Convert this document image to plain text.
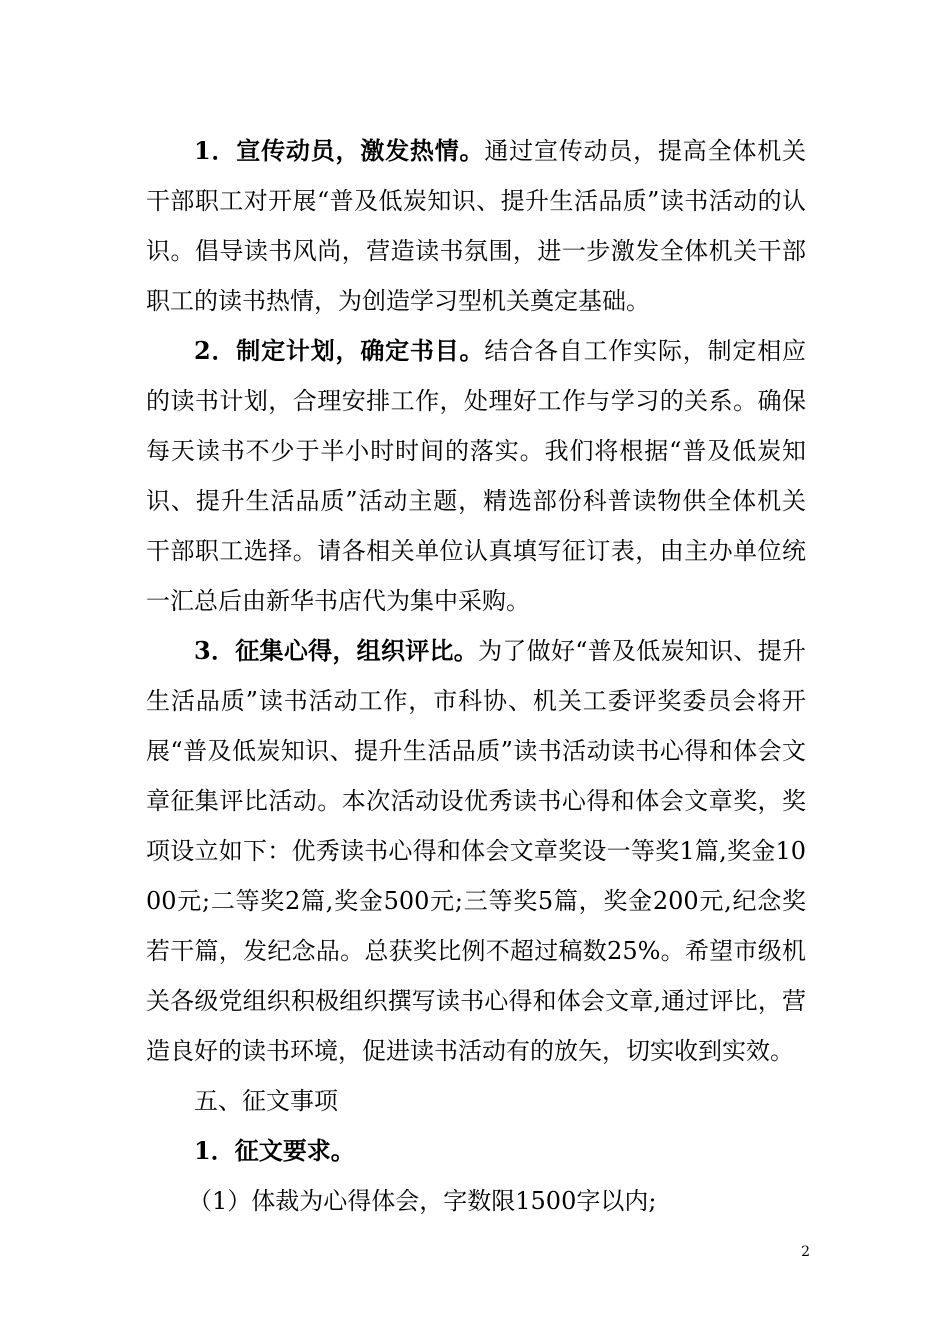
1．宣传动员，激发热情。通过宣传动员，提高全体机关干部职工对开展“普及低炭知识、提升生活品质”读书活动的认识。倡导读书风尚，营造读书氛围，进一步激发全体机关干部职工的读书热情，为创造学习型机关奠定基础。

2．制定计划，确定书目。结合各自工作实际，制定相应的读书计划，合理安排工作，处理好工作与学习的关系。确保每天读书不少于半小时时间的落实。我们将根据“普及低炭知识、提升生活品质”活动主题，精选部份科普读物供全体机关干部职工选择。请各相关单位认真填写征订表，由主办单位统一汇总后由新华书店代为集中采购。

3．征集心得，组织评比。为了做好“普及低炭知识、提升生活品质”读书活动工作，市科协、机关工委评奖委员会将开展“普及低炭知识、提升生活品质”读书活动读书心得和体会文章征集评比活动。本次活动设优秀读书心得和体会文章奖，奖项设立如下：优秀读书心得和体会文章奖设一等奖1篇,奖金1000元;二等奖2篇,奖金500元;三等奖5篇，奖金200元,纪念奖若干篇，发纪念品。总获奖比例不超过稿数25%。希望市级机关各级党组织积极组织撰写读书心得和体会文章,通过评比，营造良好的读书环境，促进读书活动有的放矢，切实收到实效。

五、征文事项

1．征文要求。

（1）体裁为心得体会，字数限1500字以内;

2
